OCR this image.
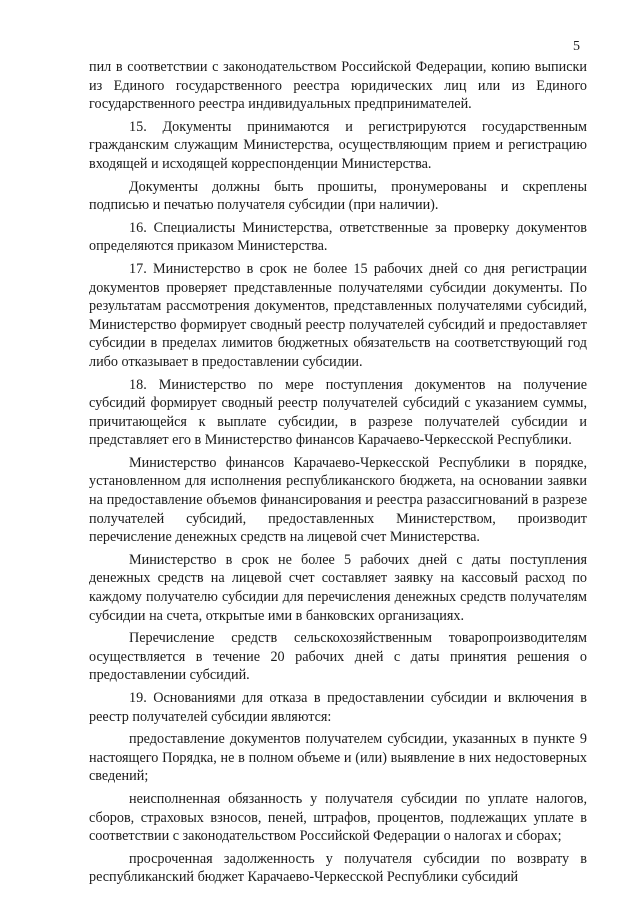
5

пил в соответствии с законодательством Российской Федерации, копию выписки из Единого государственного реестра юридических лиц или из Единого государственного реестра индивидуальных предпринимателей.

15. Документы принимаются и регистрируются государственным гражданским служащим Министерства, осуществляющим прием и регистрацию входящей и исходящей корреспонденции Министерства.

Документы должны быть прошиты, пронумерованы и скреплены подписью и печатью получателя субсидии (при наличии).

16. Специалисты Министерства, ответственные за проверку документов определяются приказом Министерства.

17. Министерство в срок не более 15 рабочих дней со дня регистрации документов проверяет представленные получателями субсидии документы. По результатам рассмотрения документов, представленных получателями субсидий, Министерство формирует сводный реестр получателей субсидий и предоставляет субсидии в пределах лимитов бюджетных обязательств на соответствующий год либо отказывает в предоставлении субсидии.

18. Министерство по мере поступления документов на получение субсидий формирует сводный реестр получателей субсидий с указанием суммы, причитающейся к выплате субсидии, в разрезе получателей субсидии и представляет его в Министерство финансов Карачаево-Черкесской Республики.

Министерство финансов Карачаево-Черкесской Республики в порядке, установленном для исполнения республиканского бюджета, на основании заявки на предоставление объемов финансирования и реестра разассигнований в разрезе получателей субсидий, предоставленных Министерством, производит перечисление денежных средств на лицевой счет Министерства.

Министерство в срок не более 5 рабочих дней с даты поступления денежных средств на лицевой счет составляет заявку на кассовый расход по каждому получателю субсидии для перечисления денежных средств получателям субсидии на счета, открытые ими в банковских организациях.

Перечисление средств сельскохозяйственным товаропроизводителям осуществляется в течение 20 рабочих дней с даты принятия решения о предоставлении субсидий.

19. Основаниями для отказа в предоставлении субсидии и включения в реестр получателей субсидии являются:

предоставление документов получателем субсидии, указанных в пункте 9 настоящего Порядка, не в полном объеме и (или) выявление в них недостоверных сведений;

неисполненная обязанность у получателя субсидии по уплате налогов, сборов, страховых взносов, пеней, штрафов, процентов, подлежащих уплате в соответствии с законодательством Российской Федерации о налогах и сборах;

просроченная задолженность у получателя субсидии по возврату в республиканский бюджет Карачаево-Черкесской Республики субсидий
